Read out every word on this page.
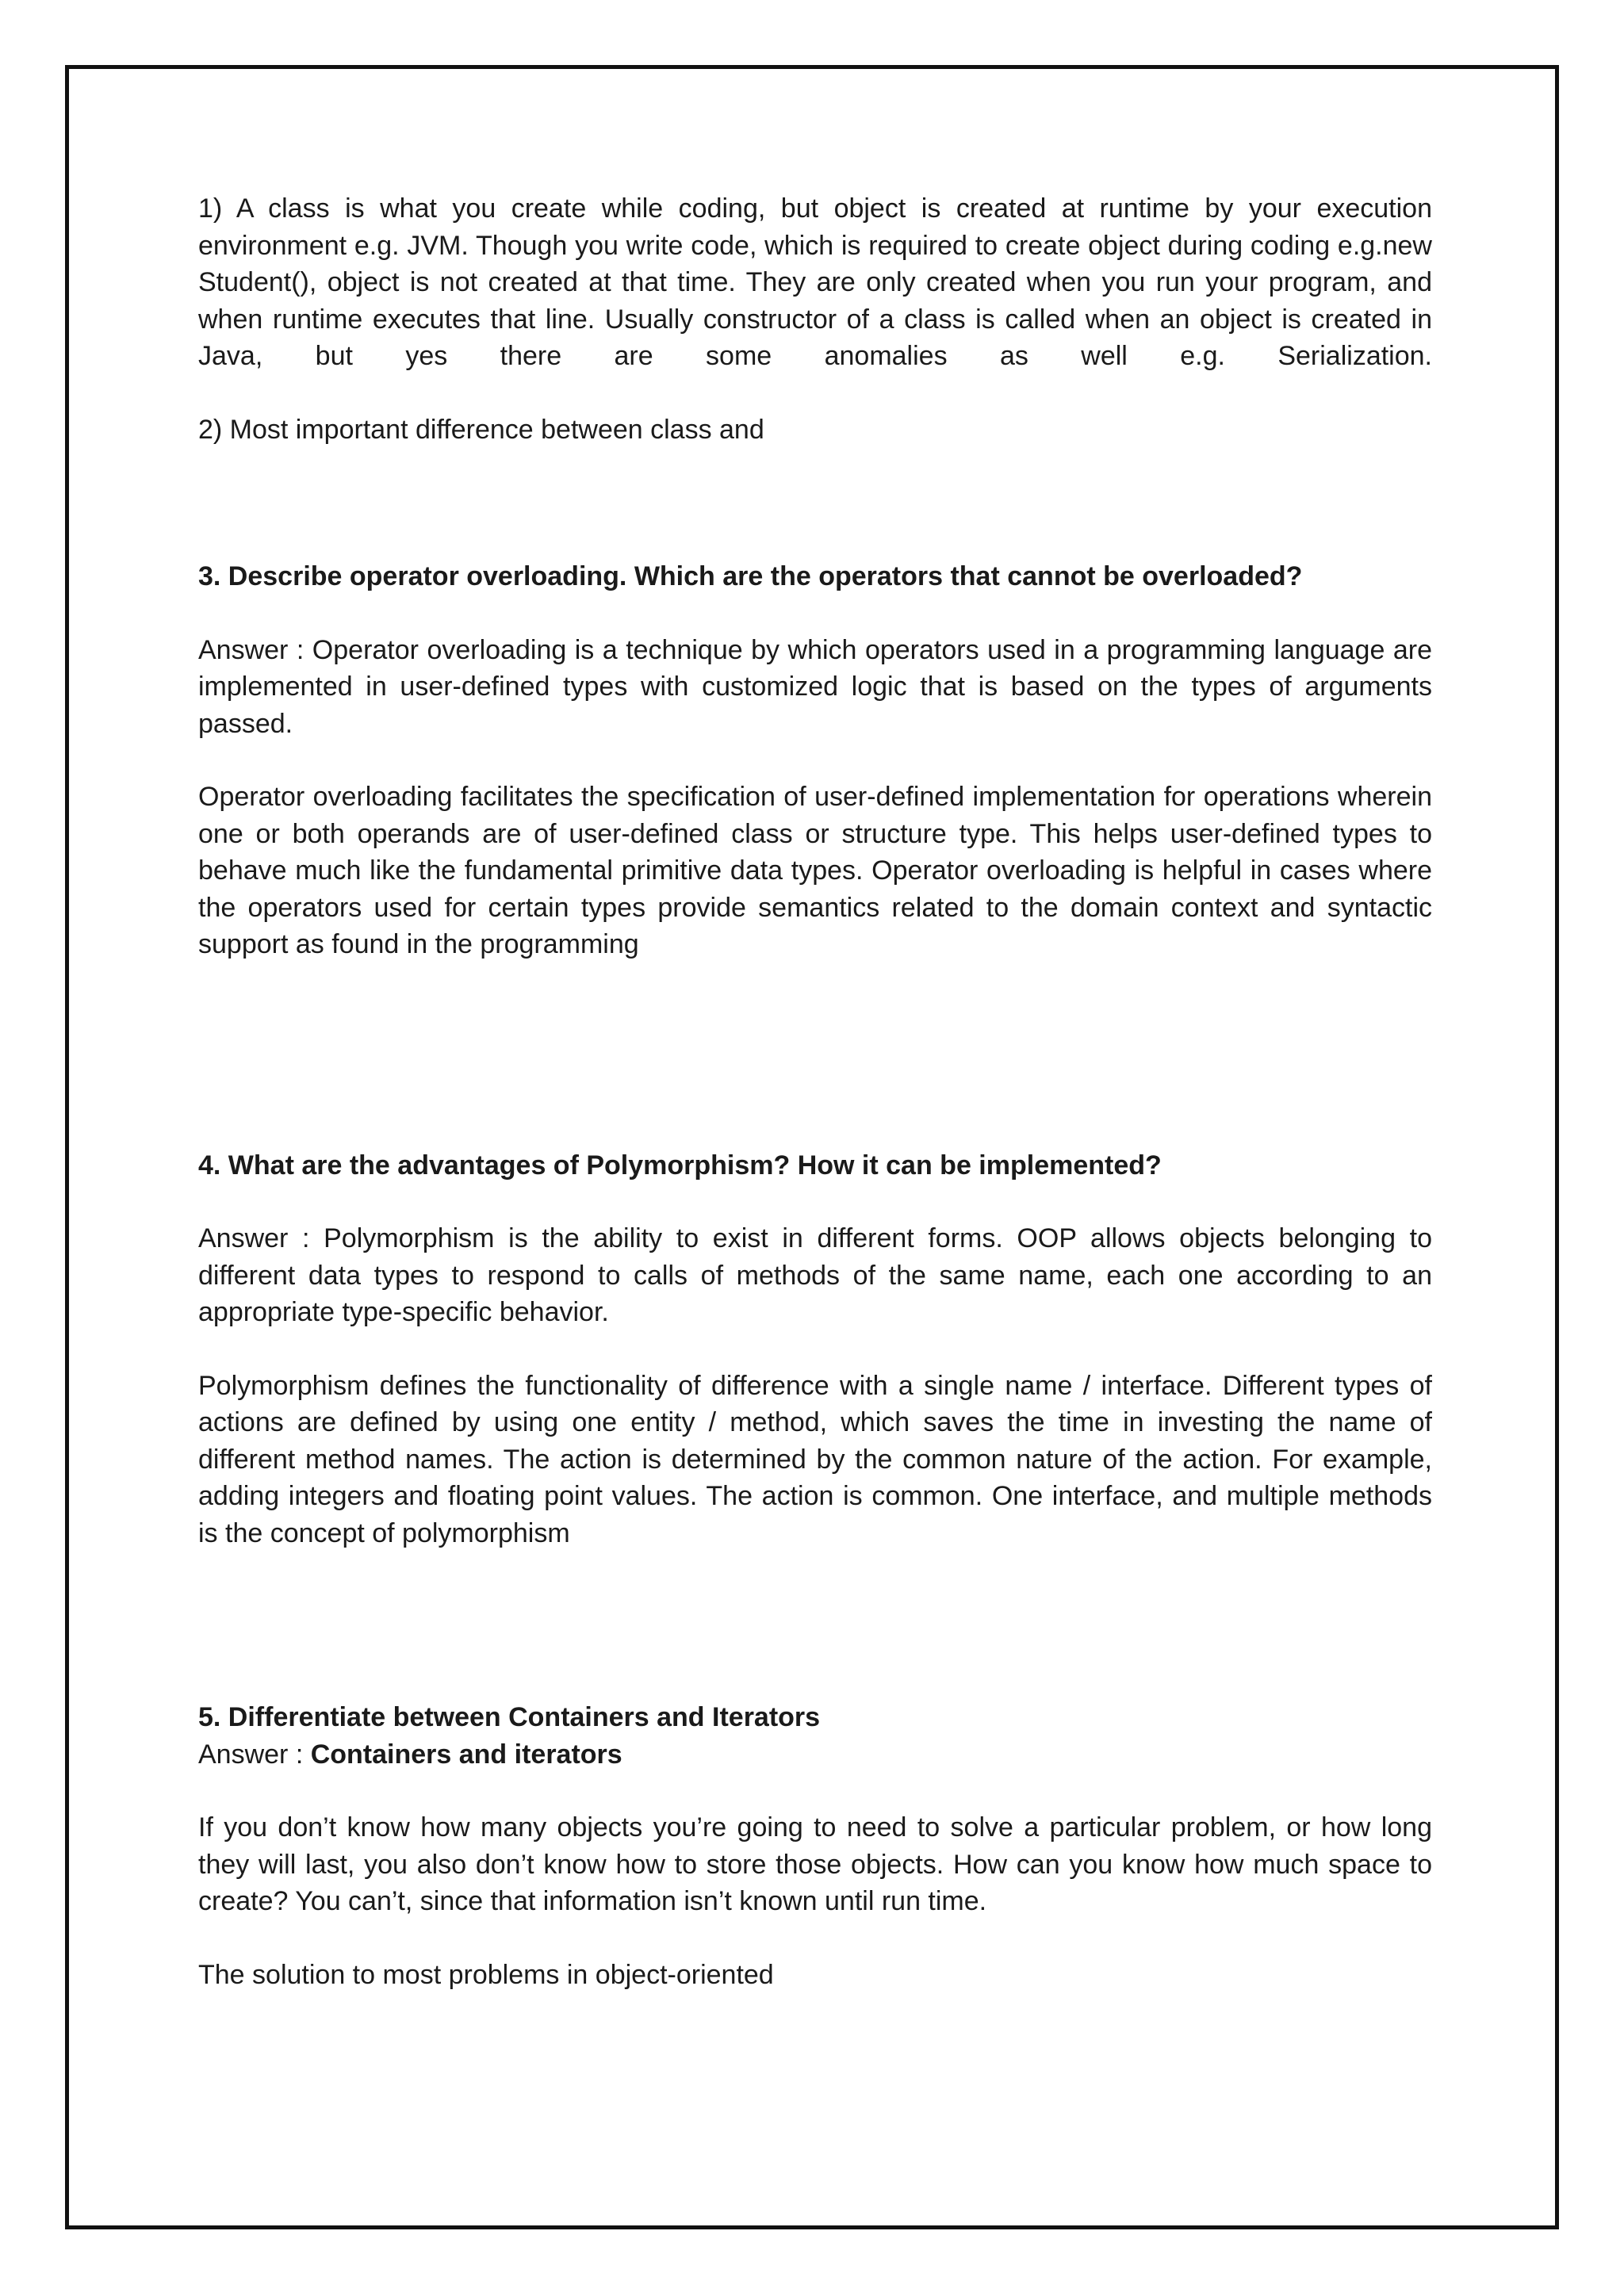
1) A class is what you create while coding, but object is created at runtime by your execution environment e.g. JVM. Though you write code, which is required to create object during coding e.g.new Student(), object is not created at that time. They are only created when you run your program, and when runtime executes that line. Usually constructor of a class is called when an object is created in Java, but yes there are some anomalies as well e.g. Serialization.

2) Most important difference between class and

3. Describe operator overloading. Which are the operators that cannot be overloaded?

Answer : Operator overloading is a technique by which operators used in a programming language are implemented in user-defined types with customized logic that is based on the types of arguments passed.

Operator overloading facilitates the specification of user-defined implementation for operations wherein one or both operands are of user-defined class or structure type. This helps user-defined types to behave much like the fundamental primitive data types. Operator overloading is helpful in cases where the operators used for certain types provide semantics related to the domain context and syntactic support as found in the programming

4. What are the advantages of Polymorphism? How it can be implemented?

Answer : Polymorphism is the ability to exist in different forms. OOP allows objects belonging to different data types to respond to calls of methods of the same name, each one according to an appropriate type-specific behavior.

Polymorphism defines the functionality of difference with a single name / interface. Different types of actions are defined by using one entity / method, which saves the time in investing the name of different method names. The action is determined by the common nature of the action. For example, adding integers and floating point values. The action is common. One interface, and multiple methods is the concept of polymorphism

5. Differentiate between Containers and Iterators

Answer : Containers and iterators

If you don’t know how many objects you’re going to need to solve a particular problem, or how long they will last, you also don’t know how to store those objects. How can you know how much space to create? You can’t, since that information isn’t known until run time.

The solution to most problems in object-oriented
